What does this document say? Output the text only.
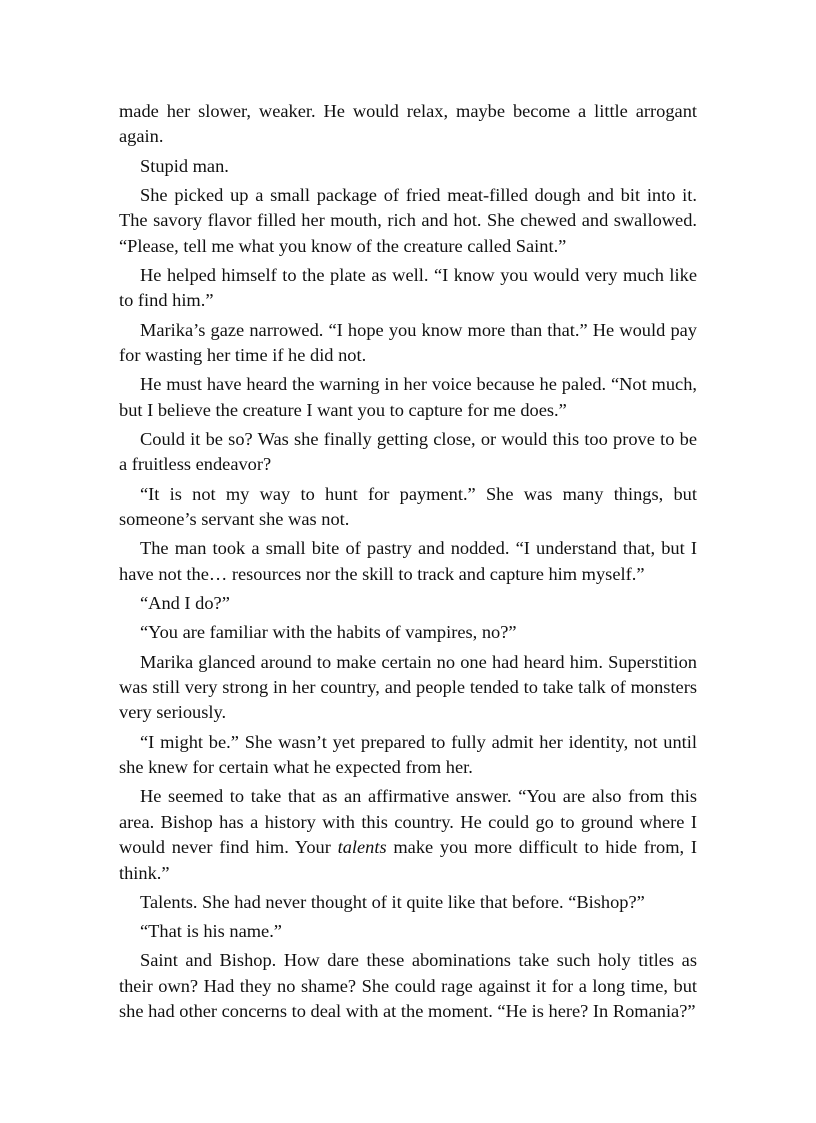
made her slower, weaker. He would relax, maybe become a little arrogant again.

Stupid man.

She picked up a small package of fried meat-filled dough and bit into it. The savory flavor filled her mouth, rich and hot. She chewed and swallowed. “Please, tell me what you know of the creature called Saint.”

He helped himself to the plate as well. “I know you would very much like to find him.”

Marika’s gaze narrowed. “I hope you know more than that.” He would pay for wasting her time if he did not.

He must have heard the warning in her voice because he paled. “Not much, but I believe the creature I want you to capture for me does.”

Could it be so? Was she finally getting close, or would this too prove to be a fruitless endeavor?

“It is not my way to hunt for payment.” She was many things, but someone’s servant she was not.

The man took a small bite of pastry and nodded. “I understand that, but I have not the… resources nor the skill to track and capture him myself.”

“And I do?”

“You are familiar with the habits of vampires, no?”

Marika glanced around to make certain no one had heard him. Superstition was still very strong in her country, and people tended to take talk of monsters very seriously.

“I might be.” She wasn’t yet prepared to fully admit her identity, not until she knew for certain what he expected from her.

He seemed to take that as an affirmative answer. “You are also from this area. Bishop has a history with this country. He could go to ground where I would never find him. Your talents make you more difficult to hide from, I think.”

Talents. She had never thought of it quite like that before. “Bishop?”

“That is his name.”

Saint and Bishop. How dare these abominations take such holy titles as their own? Had they no shame? She could rage against it for a long time, but she had other concerns to deal with at the moment. “He is here? In Romania?”
